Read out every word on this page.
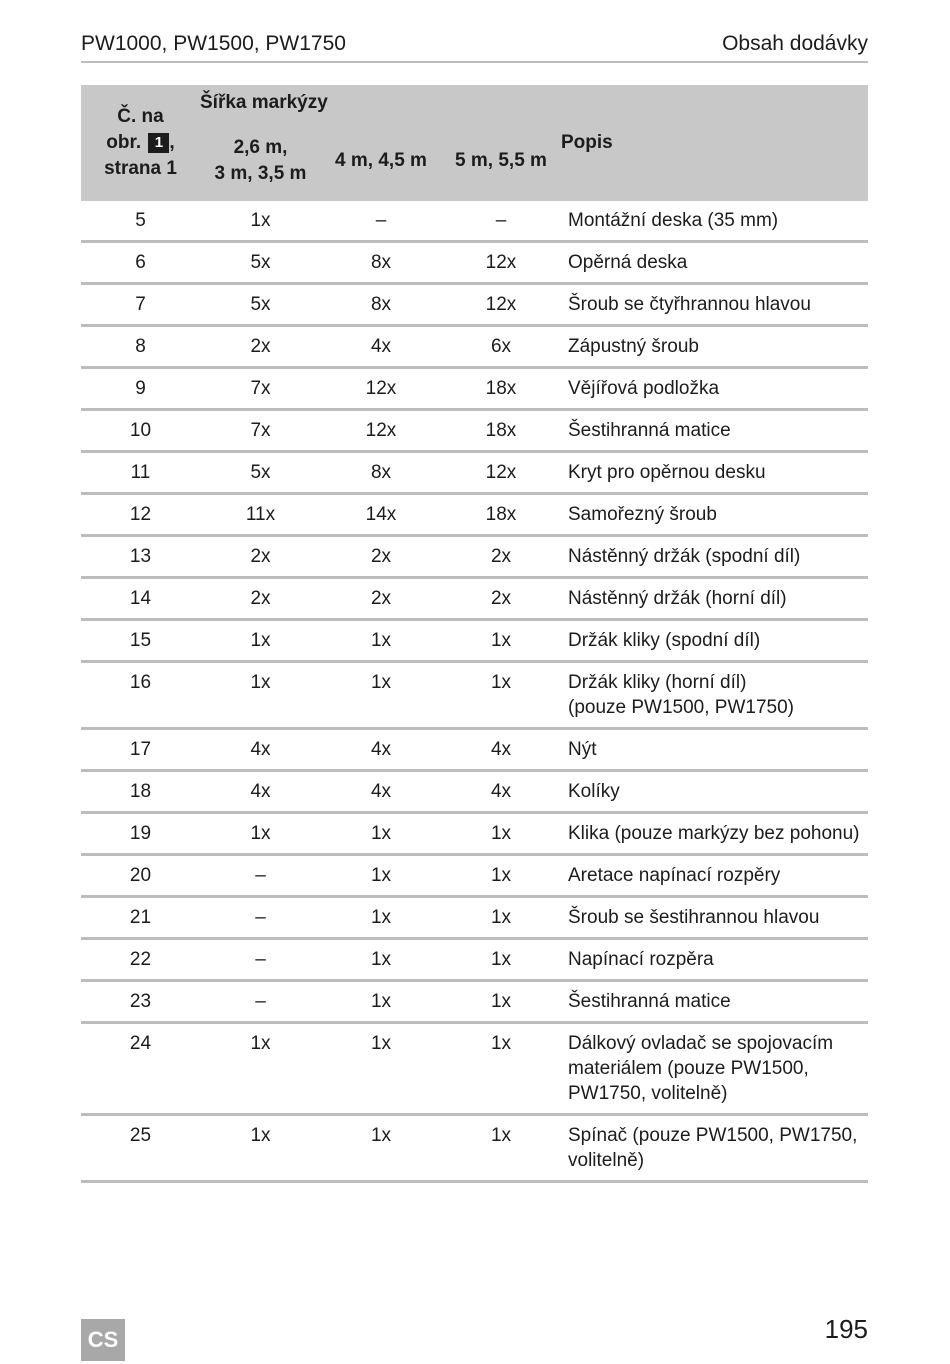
PW1000, PW1500, PW1750	Obsah dodávky
Č. na
obr. 1 ,
strana 1	Šířka markýzy			Popis
	2,6 m,
3 m, 3,5 m	4 m, 4,5 m	5 m, 5,5 m	
5	1x	–	–	Montážní deska (35 mm)

6	5x	8x	12x	Opěrná deska

7	5x	8x	12x	Šroub se čtyřhrannou hlavou

8	2x	4x	6x	Zápustný šroub

9	7x	12x	18x	Vějířová podložka

10	7x	12x	18x	Šestihranná matice

11	5x	8x	12x	Kryt pro opěrnou desku

12	11x	14x	18x	Samořezný šroub

13	2x	2x	2x	Nástěnný držák (spodní díl)

14	2x	2x	2x	Nástěnný držák (horní díl)

15	1x	1x	1x	Držák kliky (spodní díl)

16	1x	1x	1x	Držák kliky (horní díl)
(pouze PW1500, PW1750)

17	4x	4x	4x	Nýt

18	4x	4x	4x	Kolíky

19	1x	1x	1x	Klika (pouze markýzy bez pohonu)

20	–	1x	1x	Aretace napínací rozpěry

21	–	1x	1x	Šroub se šestihrannou hlavou

22	–	1x	1x	Napínací rozpěra

23	–	1x	1x	Šestihranná matice

24	1x	1x	1x	Dálkový ovladač se spojovacím
materiálem (pouze PW1500,
PW1750, volitelně)

25	1x	1x	1x	Spínač (pouze PW1500, PW1750,
volitelně)
CS	195
